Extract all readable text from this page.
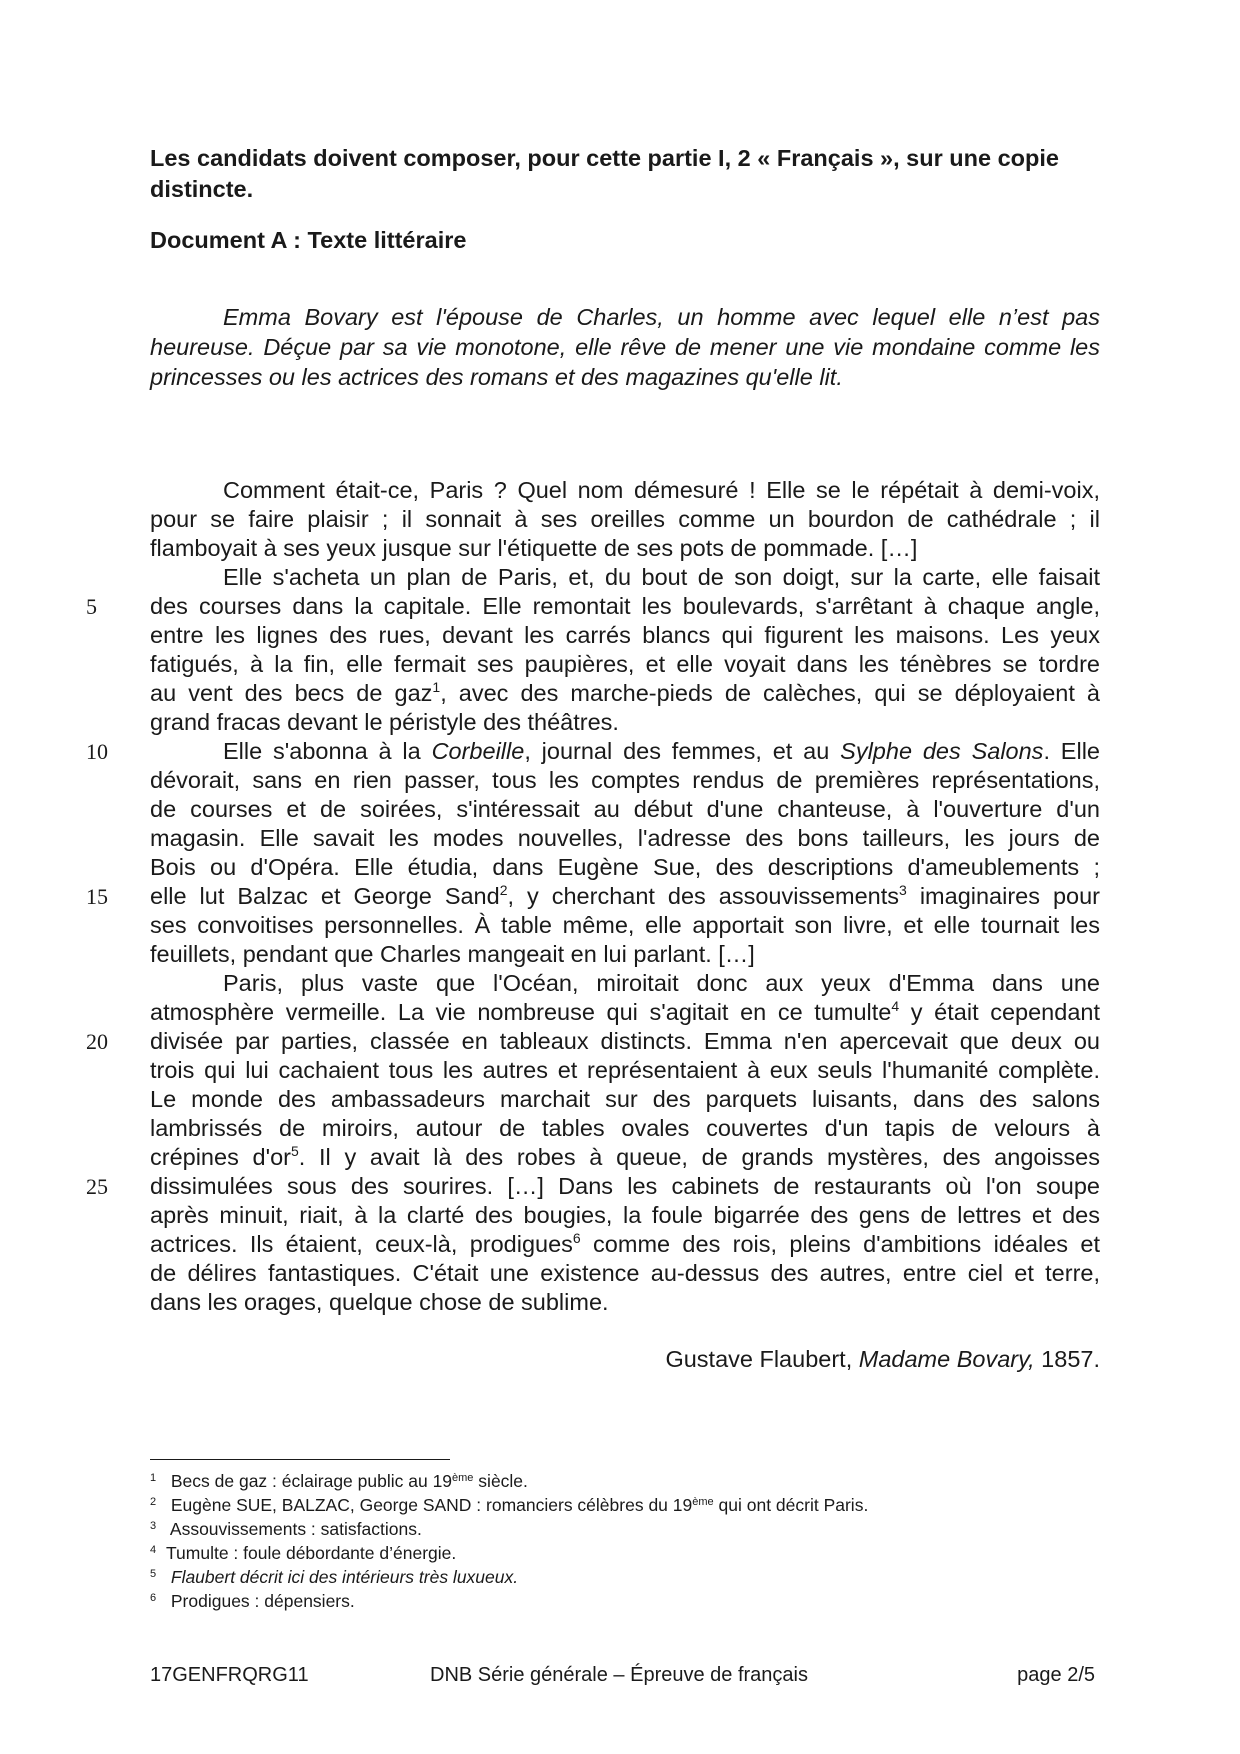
Les candidats doivent composer, pour cette partie I, 2 « Français », sur une copie distincte.

Document A : Texte littéraire

Emma Bovary est l'épouse de Charles, un homme avec lequel elle n’est pas heureuse. Déçue par sa vie monotone, elle rêve de mener une vie mondaine comme les princesses ou les actrices des romans et des magazines qu'elle lit.

Comment était-ce, Paris ? Quel nom démesuré ! Elle se le répétait à demi-voix,
pour se faire plaisir ; il sonnait à ses oreilles comme un bourdon de cathédrale ; il
flamboyait à ses yeux jusque sur l'étiquette de ses pots de pommade. […]
Elle s'acheta un plan de Paris, et, du bout de son doigt, sur la carte, elle faisait
des courses dans la capitale. Elle remontait les boulevards, s'arrêtant à chaque angle,
entre les lignes des rues, devant les carrés blancs qui figurent les maisons. Les yeux
fatigués, à la fin, elle fermait ses paupières, et elle voyait dans les ténèbres se tordre
au vent des becs de gaz$^1$, avec des marche-pieds de calèches, qui se déployaient à
grand fracas devant le péristyle des théâtres.
Elle s'abonna à la Corbeille, journal des femmes, et au Sylphe des Salons. Elle
dévorait, sans en rien passer, tous les comptes rendus de premières représentations,
de courses et de soirées, s'intéressait au début d'une chanteuse, à l'ouverture d'un
magasin. Elle savait les modes nouvelles, l'adresse des bons tailleurs, les jours de
Bois ou d'Opéra. Elle étudia, dans Eugène Sue, des descriptions d'ameublements ;
elle lut Balzac et George Sand$^2$, y cherchant des assouvissements$^3$ imaginaires pour
ses convoitises personnelles. À table même, elle apportait son livre, et elle tournait les
feuillets, pendant que Charles mangeait en lui parlant. […]
Paris, plus vaste que l'Océan, miroitait donc aux yeux d'Emma dans une
atmosphère vermeille. La vie nombreuse qui s'agitait en ce tumulte$^4$ y était cependant
divisée par parties, classée en tableaux distincts. Emma n'en apercevait que deux ou
trois qui lui cachaient tous les autres et représentaient à eux seuls l'humanité complète.
Le monde des ambassadeurs marchait sur des parquets luisants, dans des salons
lambrissés de miroirs, autour de tables ovales couvertes d'un tapis de velours à
crépines $d'or^5$. Il y avait là des robes à queue, de grands mystères, des angoisses
dissimulées sous des sourires. […] Dans les cabinets de restaurants où l'on soupe
après minuit, riait, à la clarté des bougies, la foule bigarrée des gens de lettres et des
actrices. Ils étaient, ceux-là, prodigues$^6$ comme des rois, pleins d'ambitions idéales et
de délires fantastiques. C'était une existence au-dessus des autres, entre ciel et terre,
dans les orages, quelque chose de sublime.
5
10
15
20
25
Gustave Flaubert, Madame Bovary, 1857.
$^1$ Becs de gaz : éclairage public au 19ème siècle.
$^2$ Eugène SUE, BALZAC, George SAND : romanciers célèbres du 19ème qui ont décrit Paris.
$^3$ Assouvissements : satisfactions.
$^4$ Tumulte : foule débordante d’énergie.
$^5$ Flaubert décrit ici des intérieurs très luxueux.
$^6$ Prodigues : dépensiers.
17GENFRQRG11	DNB Série générale – Épreuve de français	page 2/5
